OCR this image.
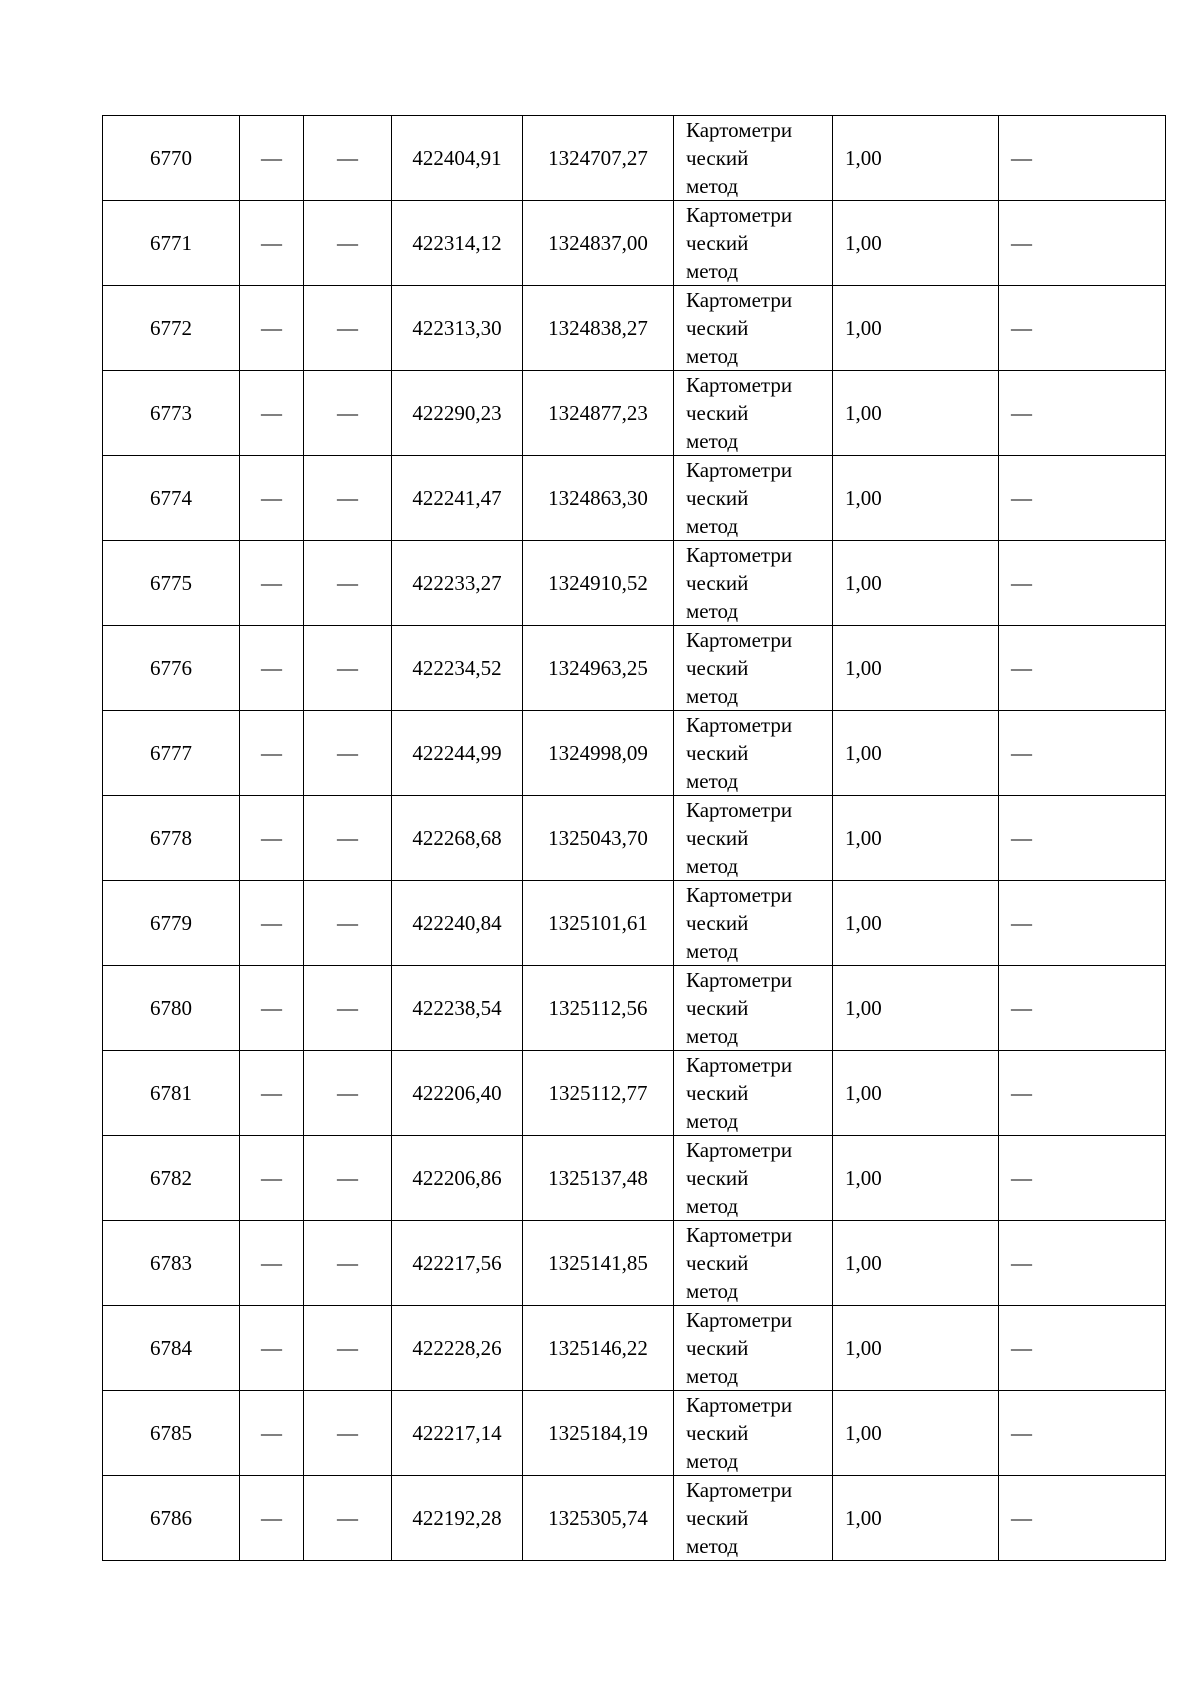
6770	—	—	422404,91	1324707,27	Картометри
ческий
метод	1,00	—
6771	—	—	422314,12	1324837,00	Картометри
ческий
метод	1,00	—
6772	—	—	422313,30	1324838,27	Картометри
ческий
метод	1,00	—
6773	—	—	422290,23	1324877,23	Картометри
ческий
метод	1,00	—
6774	—	—	422241,47	1324863,30	Картометри
ческий
метод	1,00	—
6775	—	—	422233,27	1324910,52	Картометри
ческий
метод	1,00	—
6776	—	—	422234,52	1324963,25	Картометри
ческий
метод	1,00	—
6777	—	—	422244,99	1324998,09	Картометри
ческий
метод	1,00	—
6778	—	—	422268,68	1325043,70	Картометри
ческий
метод	1,00	—
6779	—	—	422240,84	1325101,61	Картометри
ческий
метод	1,00	—
6780	—	—	422238,54	1325112,56	Картометри
ческий
метод	1,00	—
6781	—	—	422206,40	1325112,77	Картометри
ческий
метод	1,00	—
6782	—	—	422206,86	1325137,48	Картометри
ческий
метод	1,00	—
6783	—	—	422217,56	1325141,85	Картометри
ческий
метод	1,00	—
6784	—	—	422228,26	1325146,22	Картометри
ческий
метод	1,00	—
6785	—	—	422217,14	1325184,19	Картометри
ческий
метод	1,00	—
6786	—	—	422192,28	1325305,74	Картометри
ческий
метод	1,00	—
